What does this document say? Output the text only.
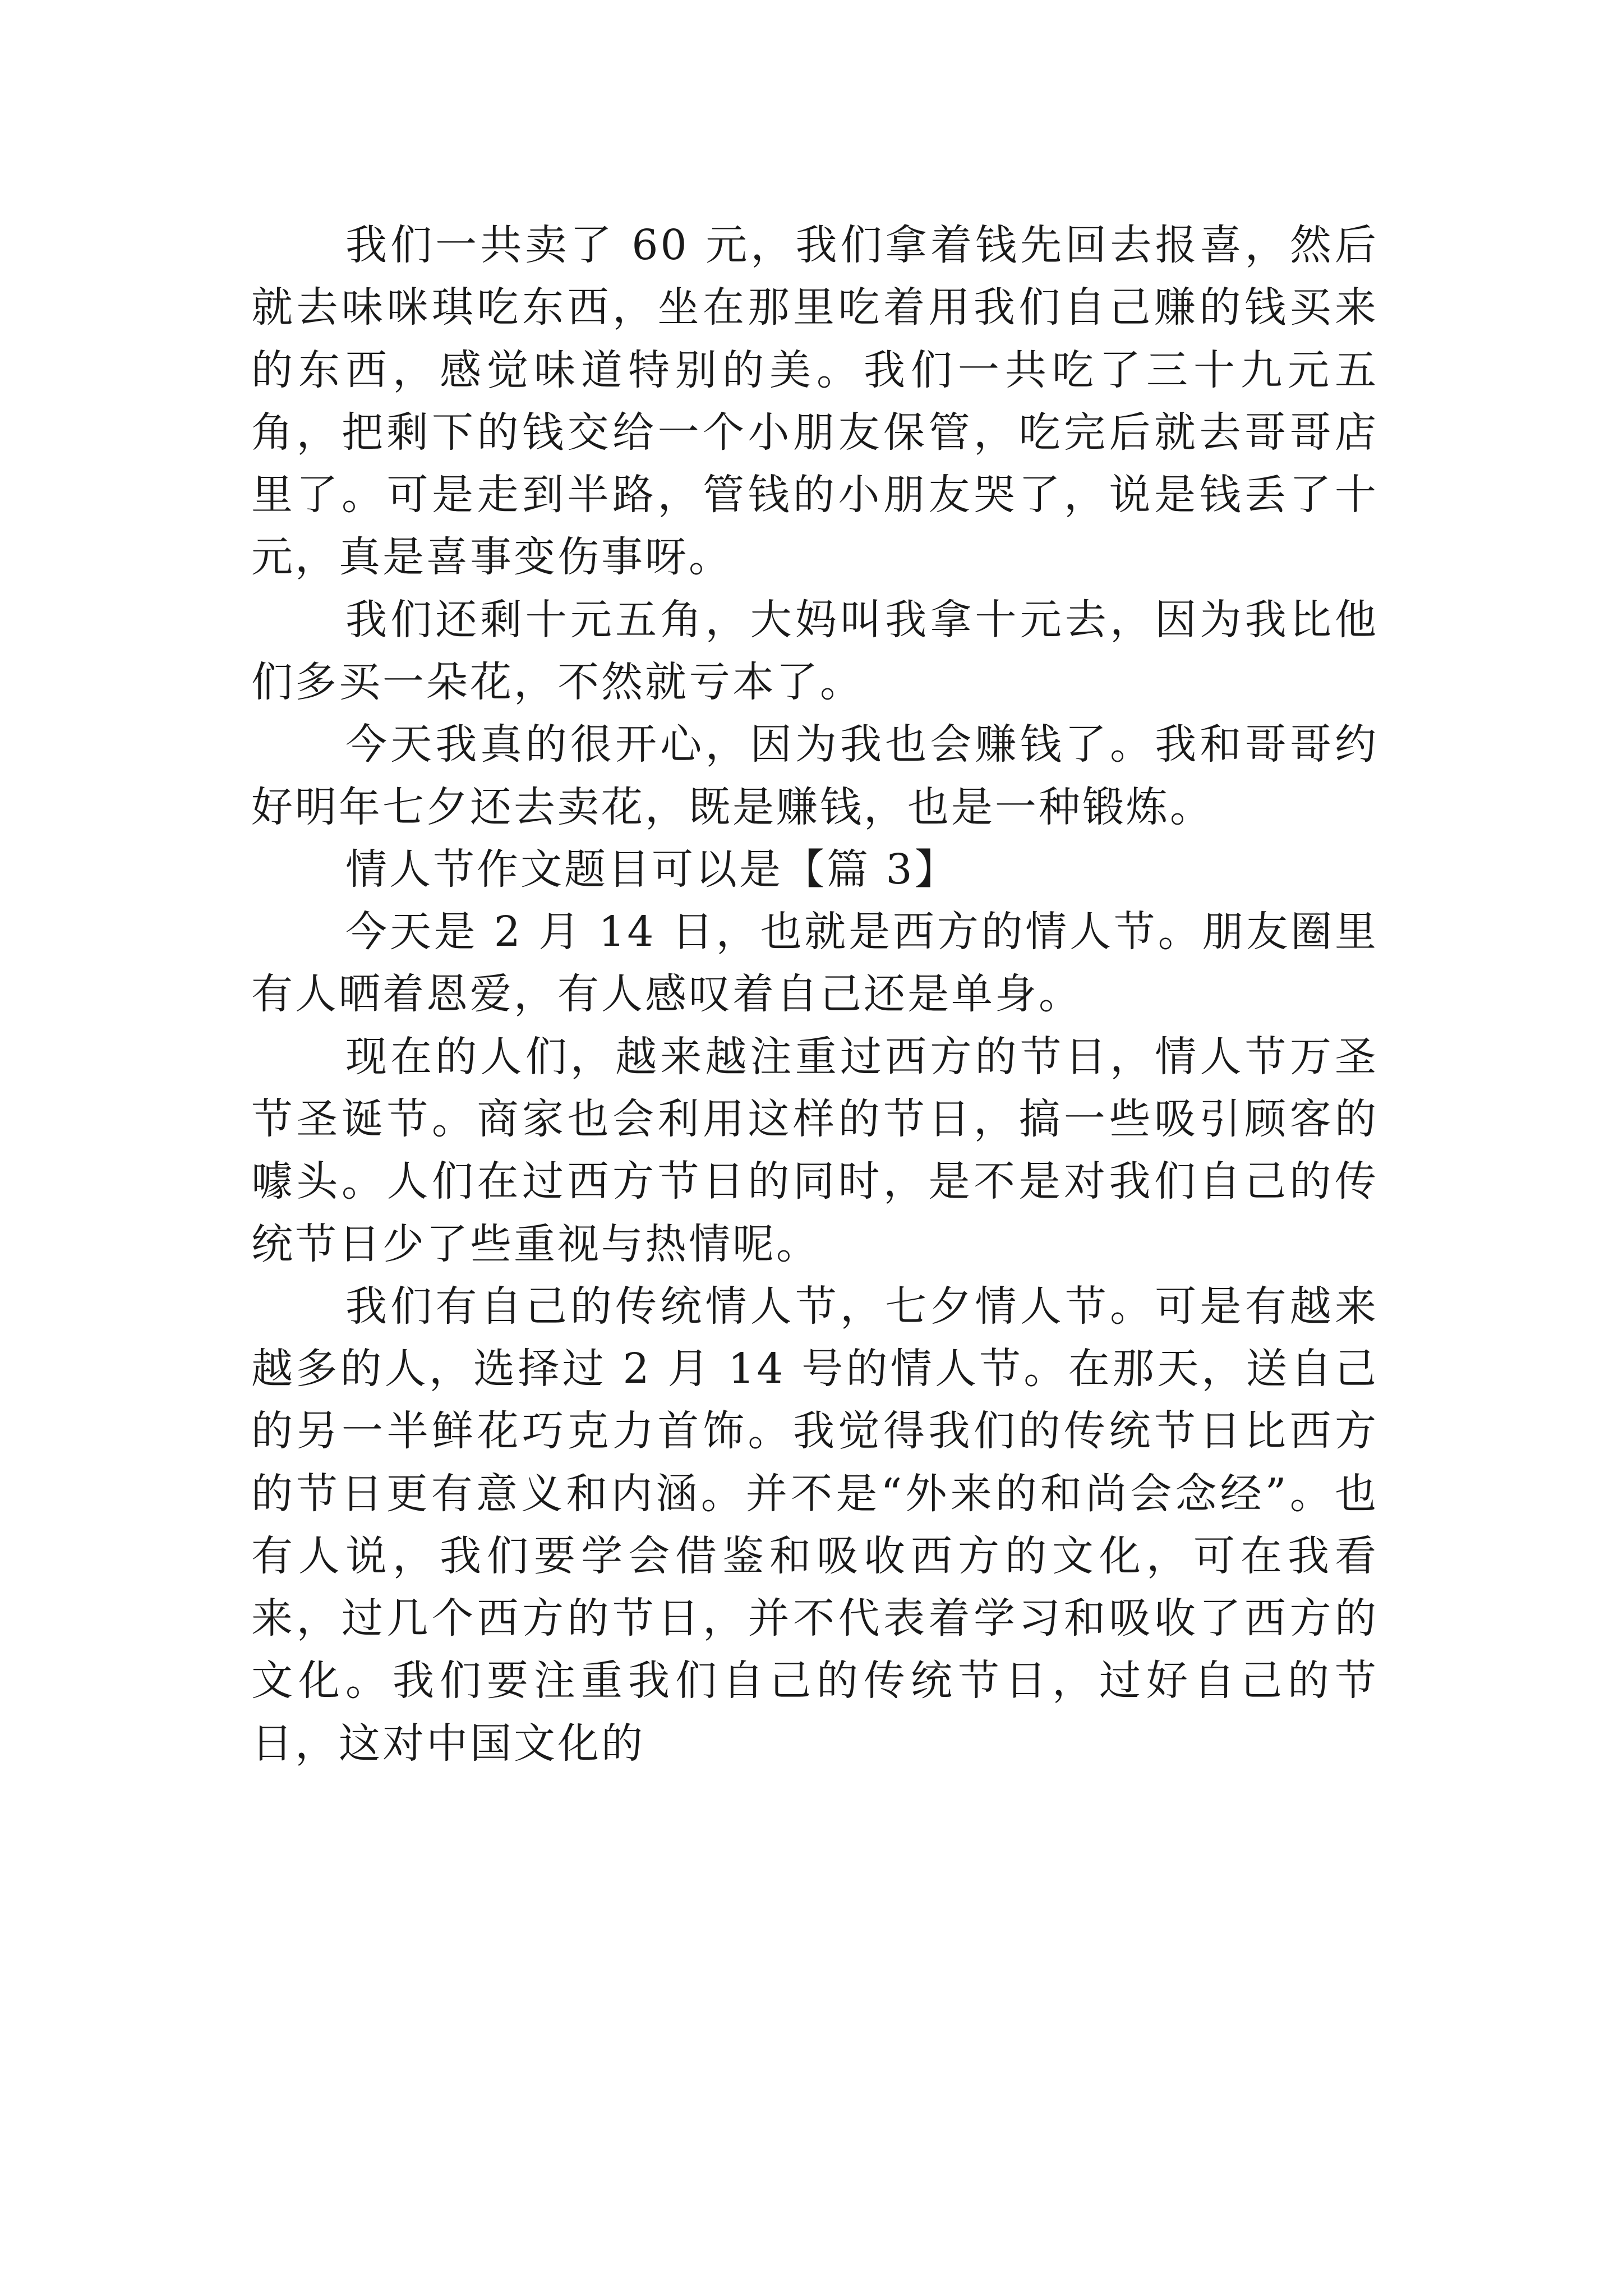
我们一共卖了 60 元，我们拿着钱先回去报喜，然后就去味咪琪吃东西，坐在那里吃着用我们自己赚的钱买来的东西，感觉味道特别的美。我们一共吃了三十九元五角，把剩下的钱交给一个小朋友保管，吃完后就去哥哥店里了。可是走到半路，管钱的小朋友哭了，说是钱丢了十元，真是喜事变伤事呀。

我们还剩十元五角，大妈叫我拿十元去，因为我比他们多买一朵花，不然就亏本了。

今天我真的很开心，因为我也会赚钱了。我和哥哥约好明年七夕还去卖花，既是赚钱，也是一种锻炼。

情人节作文题目可以是【篇 3】

今天是 2 月 14 日，也就是西方的情人节。朋友圈里有人晒着恩爱，有人感叹着自己还是单身。

现在的人们，越来越注重过西方的节日，情人节万圣节圣诞节。商家也会利用这样的节日，搞一些吸引顾客的噱头。人们在过西方节日的同时，是不是对我们自己的传统节日少了些重视与热情呢。

我们有自己的传统情人节，七夕情人节。可是有越来越多的人，选择过 2 月 14 号的情人节。在那天，送自己的另一半鲜花巧克力首饰。我觉得我们的传统节日比西方的节日更有意义和内涵。并不是“外来的和尚会念经”。也有人说，我们要学会借鉴和吸收西方的文化，可在我看来，过几个西方的节日，并不代表着学习和吸收了西方的文化。我们要注重我们自己的传统节日，过好自己的节日，这对中国文化的
